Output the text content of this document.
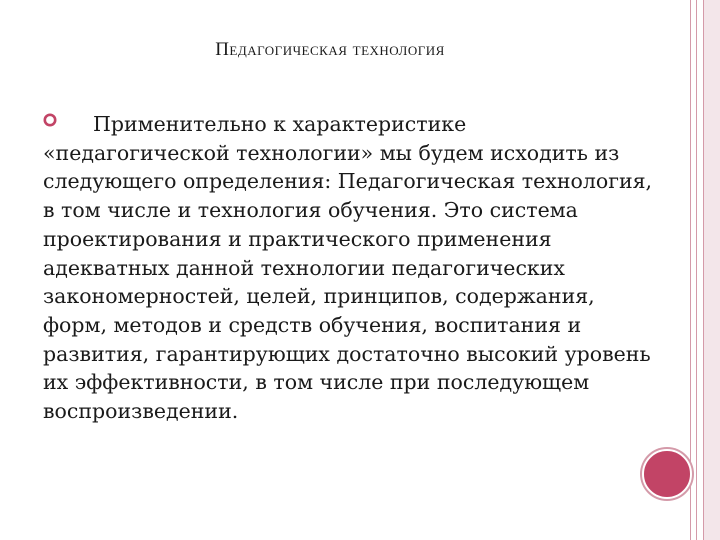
Педагогическая технология
Применительно к характеристике «педагогической технологии» мы будем исходить из следующего определения: Педагогическая технология, в том числе и технология обучения. Это система проектирования и практического применения адекватных данной технологии педагогических закономерностей, целей, принципов, содержания, форм, методов и средств обучения, воспитания и развития, гарантирующих достаточно высокий уровень их эффективности, в том числе при последующем воспроизведении.
